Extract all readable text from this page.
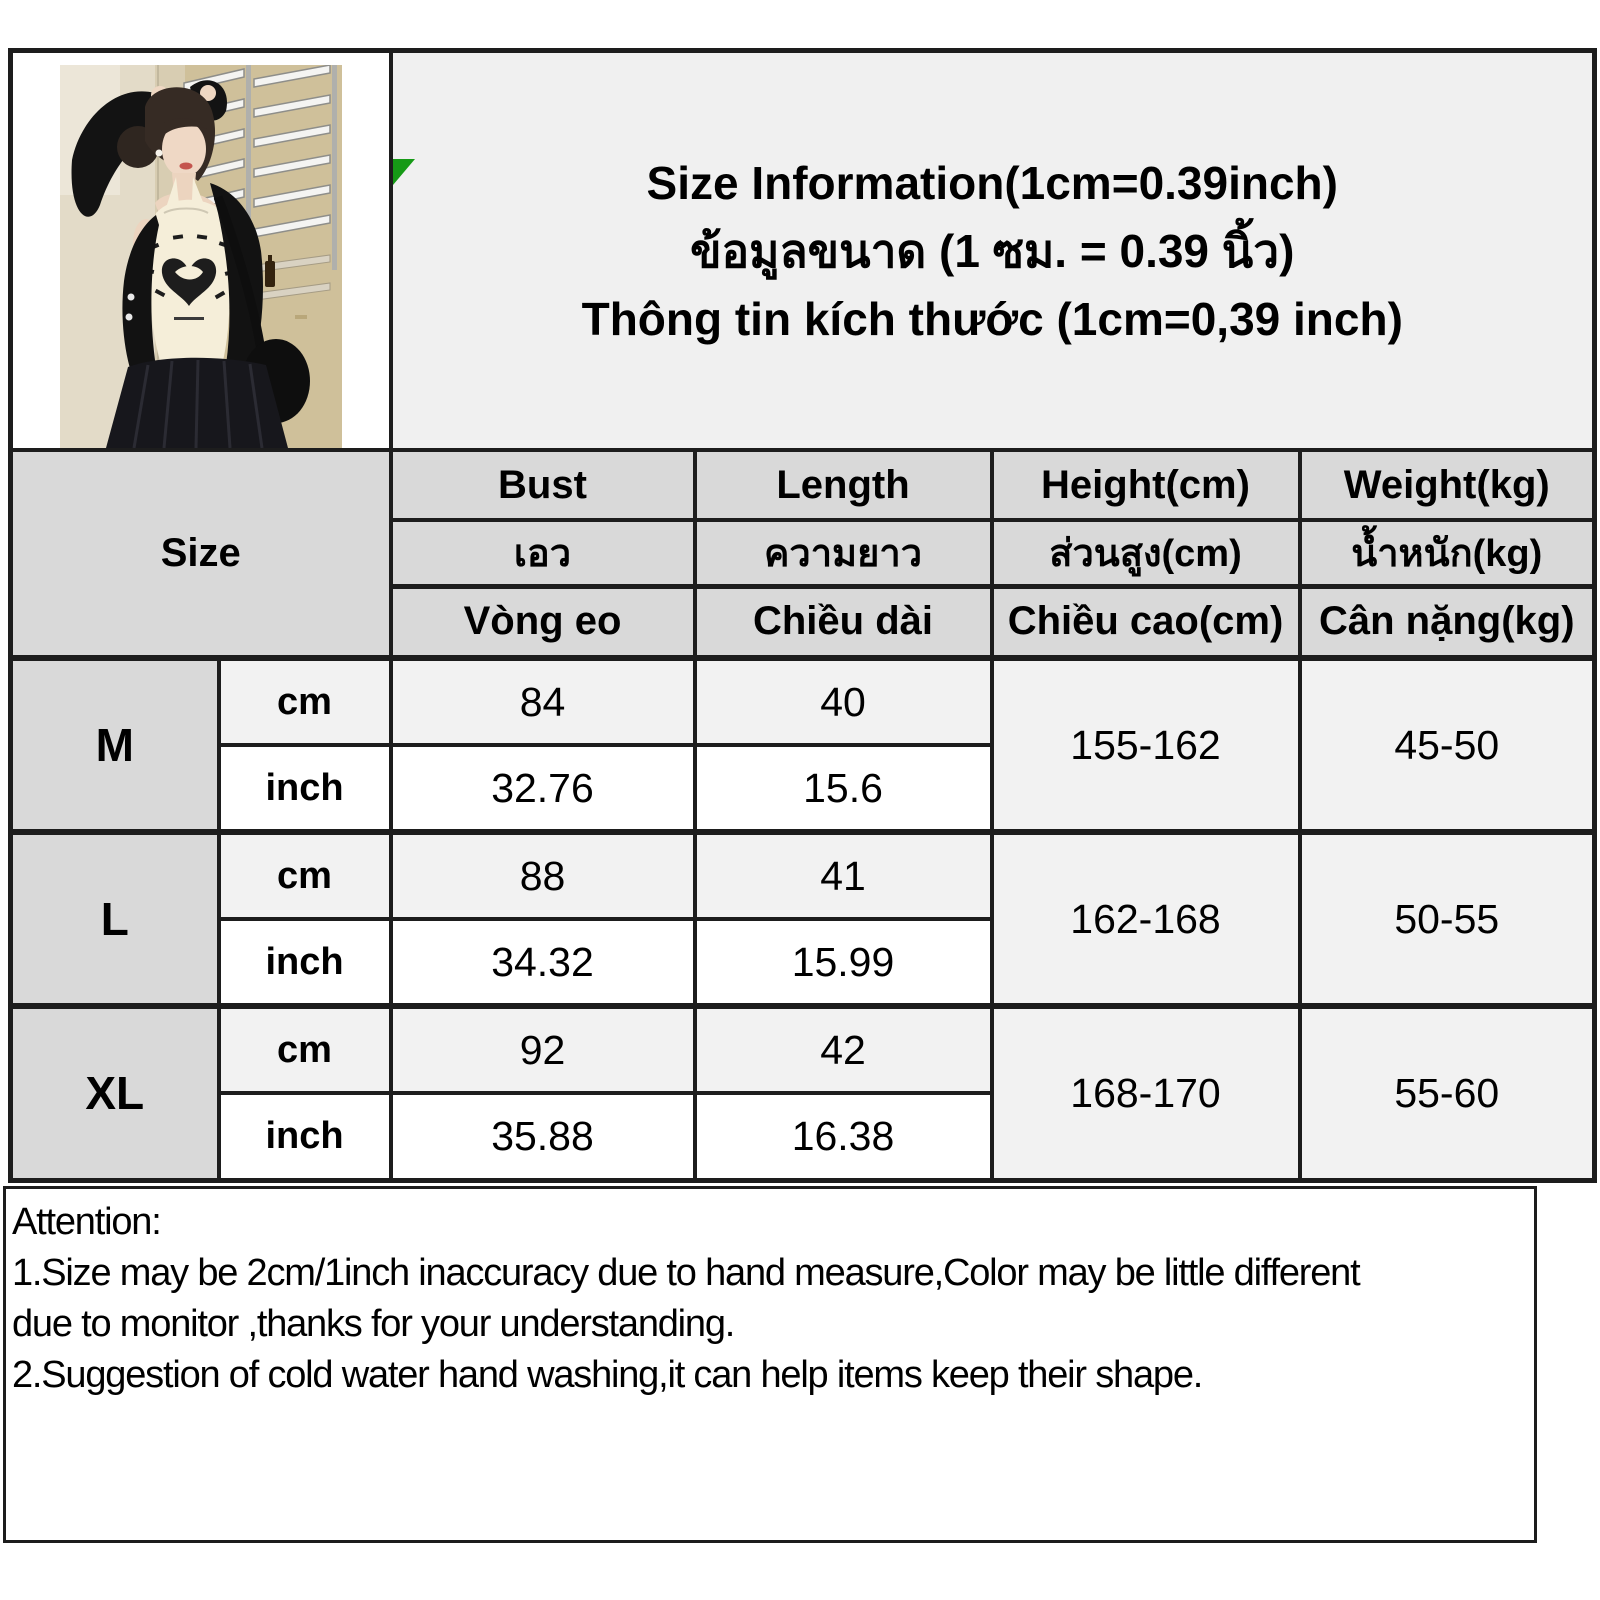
Size Information(1cm=0.39inch)
ข้อมูลขนาด (1 ซม. = 0.39 นิ้ว)
Thông tin kích thước (1cm=0,39 inch)			

Size		Bust	Length	Height(cm)	Weight(kg)
		เอว	ความยาว	ส่วนสูง(cm)	น้ำหนัก(kg)
		Vòng eo	Chiều dài	Chiều cao(cm)	Cân nặng(kg)
M	cm	84	40	155-162	45-50
	inch	32.76	15.6		
L	cm	88	41	162-168	50-55
	inch	34.32	15.99		
XL	cm	92	42	168-170	55-60
	inch	35.88	16.38		
Attention:
1.Size may be 2cm/1inch inaccuracy due to hand measure,Color may be little different
due to monitor ,thanks for your understanding.
2.Suggestion of cold water hand washing,it can help items keep their shape.
